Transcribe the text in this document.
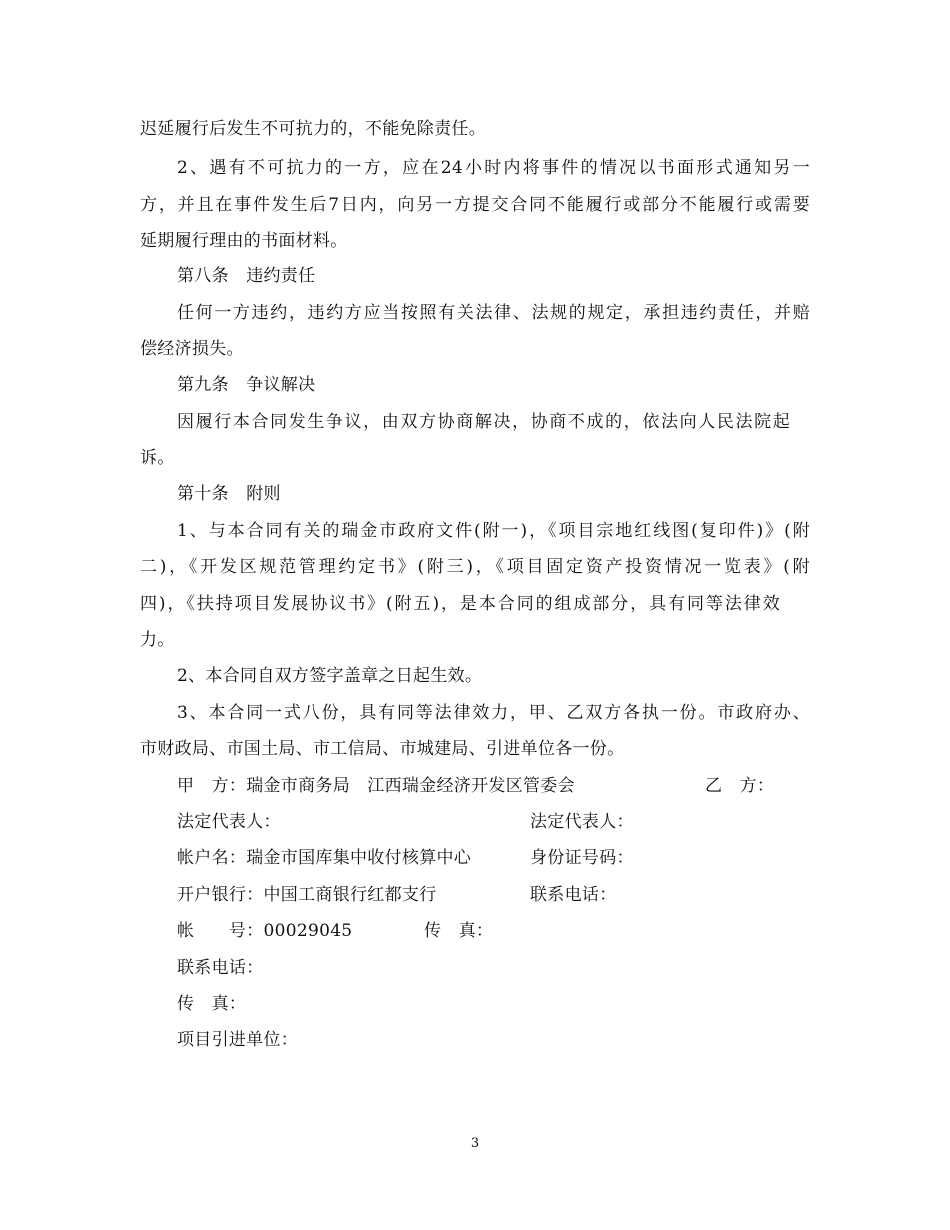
迟延履行后发生不可抗力的，不能免除责任。
2、遇有不可抗力的一方，应在24小时内将事件的情况以书面形式通知另一
方，并且在事件发生后7日内，向另一方提交合同不能履行或部分不能履行或需要
延期履行理由的书面材料。
第八条　违约责任
任何一方违约，违约方应当按照有关法律、法规的规定，承担违约责任，并赔
偿经济损失。
第九条　争议解决
因履行本合同发生争议，由双方协商解决，协商不成的，依法向人民法院起
诉。
第十条　附则
1、与本合同有关的瑞金市政府文件(附一)，《项目宗地红线图(复印件)》(附
二)，《开发区规范管理约定书》(附三)，《项目固定资产投资情况一览表》(附
四)，《扶持项目发展协议书》(附五)，是本合同的组成部分，具有同等法律效
力。
2、本合同自双方签字盖章之日起生效。
3、本合同一式八份，具有同等法律效力，甲、乙双方各执一份。市政府办、
市财政局、市国土局、市工信局、市城建局、引进单位各一份。
甲　方：瑞金市商务局　江西瑞金经济开发区管委会	乙　方：
法定代表人：	法定代表人：
帐户名：瑞金市国库集中收付核算中心	身份证号码：
开户银行：中国工商银行红都支行	联系电话：
帐　　号：00029045	传　真：
联系电话：
传　真：
项目引进单位：
3
